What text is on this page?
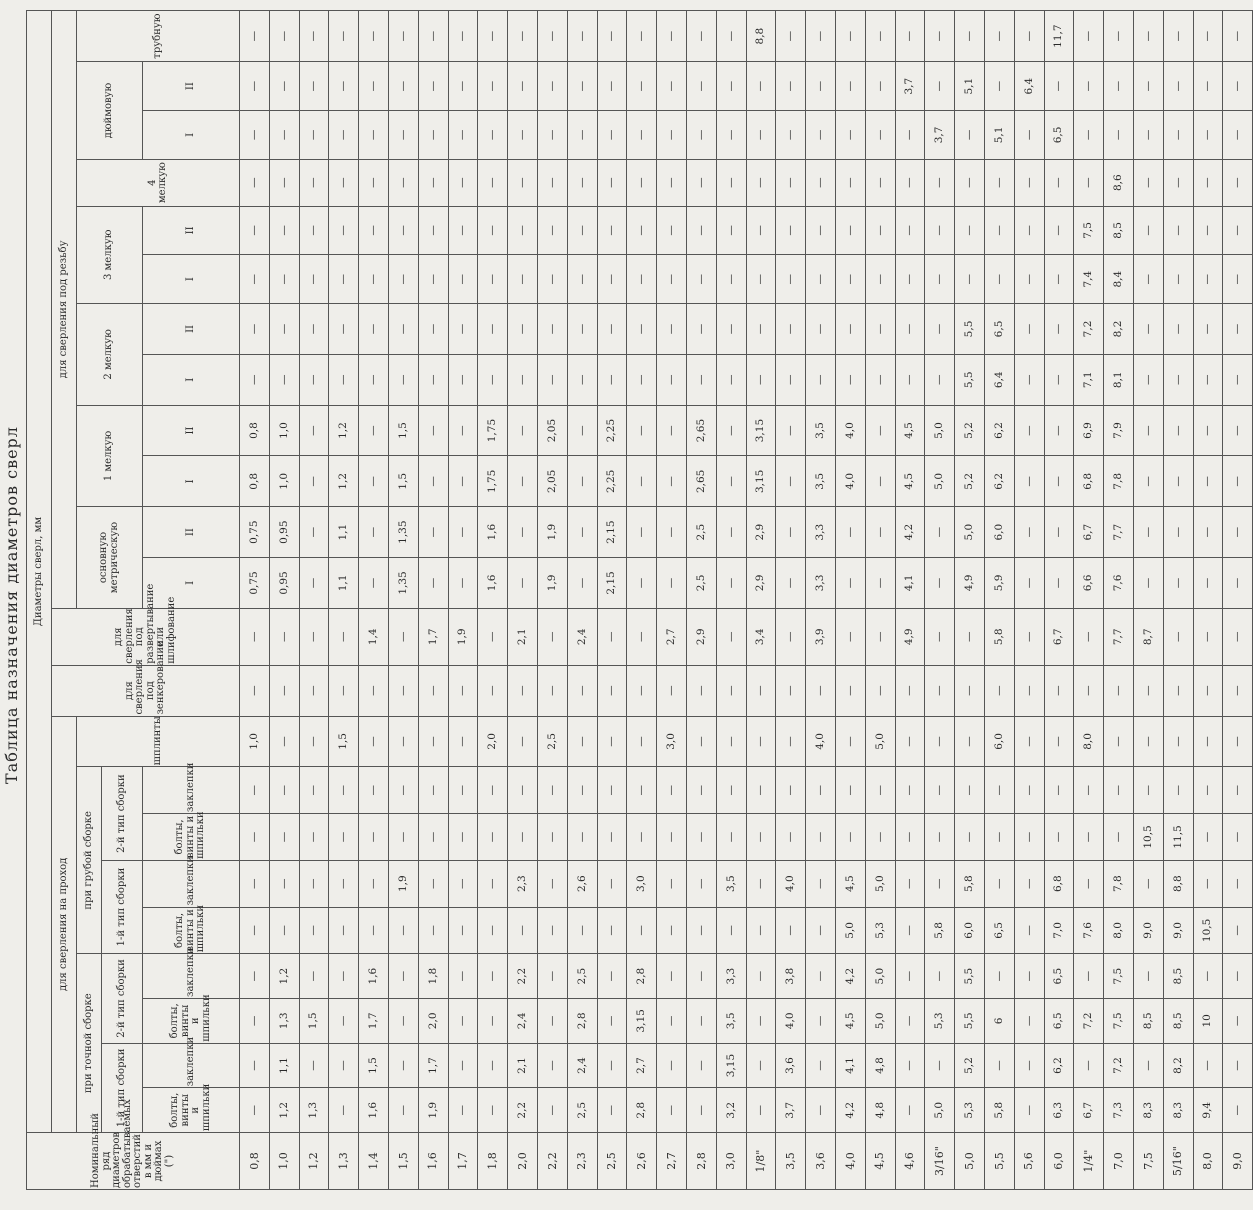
Таблица назначения диаметров сверл
Номинальный ряд диаметров обрабатываемых отверстий в мм и дюймах (")	Диаметры сверл, мм																						
	для сверления на проход									для сверления под зенкерование	для сверления под развертывание или шлифование	для сверления под резьбу											
	при точной сборке				при грубой сборке				шплинты			основную метрическую		1 мелкую		2 мелкую		3 мелкую		4 мелкую	дюймовую		трубную
	1-й тип сборки		2-й тип сборки		1-й тип сборки		2-й тип сборки																
	болты, винты и шпильки	заклепки	болты, винты и шпильки	заклепки	болты, винты и шпильки	заклепки	болты, винты и шпильки	заклепки				I	II	I	II	I	II	I	II		I	II	
0,8	—	—	—	—	—	—	—	—	1,0	—	—	0,75	0,75	0,8	0,8	—	—	—	—	—	—	—	—
1,0	1,2	1,1	1,3	1,2	—	—	—	—	—	—	—	0,95	0,95	1,0	1,0	—	—	—	—	—	—	—	—
1,2	1,3	—	1,5	—	—	—	—	—	—	—	—	—	—	—	—	—	—	—	—	—	—	—	—
1,3	—	—	—	—	—	—	—	—	1,5	—	—	1,1	1,1	1,2	1,2	—	—	—	—	—	—	—	—
1,4	1,6	1,5	1,7	1,6	—	—	—	—	—	—	1,4	—	—	—	—	—	—	—	—	—	—	—	—
1,5	—	—	—	—	—	1,9	—	—	—	—	—	1,35	1,35	1,5	1,5	—	—	—	—	—	—	—	—
1,6	1,9	1,7	2,0	1,8	—	—	—	—	—	—	1,7	—	—	—	—	—	—	—	—	—	—	—	—
1,7	—	—	—	—	—	—	—	—	—	—	1,9	—	—	—	—	—	—	—	—	—	—	—	—
1,8	—	—	—	—	—	—	—	—	2,0	—	—	1,6	1,6	1,75	1,75	—	—	—	—	—	—	—	—
2,0	2,2	2,1	2,4	2,2	—	2,3	—	—	—	—	2,1	—	—	—	—	—	—	—	—	—	—	—	—
2,2	—	—	—	—	—	—	—	—	2,5	—	—	1,9	1,9	2,05	2,05	—	—	—	—	—	—	—	—
2,3	2,5	2,4	2,8	2,5	—	2,6	—	—	—	—	2,4	—	—	—	—	—	—	—	—	—	—	—	—
2,5	—	—	—	—	—	—	—	—	—	—	—	2,15	2,15	2,25	2,25	—	—	—	—	—	—	—	—
2,6	2,8	2,7	3,15	2,8	—	3,0	—	—	—	—	—	—	—	—	—	—	—	—	—	—	—	—	—
2,7	—	—	—	—	—	—	—	—	3,0	—	2,7	—	—	—	—	—	—	—	—	—	—	—	—
2,8	—	—	—	—	—	—	—	—	—	—	2,9	2,5	2,5	2,65	2,65	—	—	—	—	—	—	—	—
3,0	3,2	3,15	3,5	3,3	—	3,5	—	—	—	—	—	—	—	—	—	—	—	—	—	—	—	—	—
1/8"	—	—	—	—	—	—	—	—	—	—	3,4	2,9	2,9	3,15	3,15	—	—	—	—	—	—	—	8,8
3,5	3,7	3,6	4,0	3,8	—	4,0	—	—	—	—	—	—	—	—	—	—	—	—	—	—	—	—	—
3,6	—	—	—	—	—	—	—	—	4,0	—	3,9	3,3	3,3	3,5	3,5	—	—	—	—	—	—	—	—
4,0	4,2	4,1	4,5	4,2	5,0	4,5	—	—	—	—	—	—	—	4,0	4,0	—	—	—	—	—	—	—	—
4,5	4,8	4,8	5,0	5,0	5,3	5,0	—	—	5,0	—	—	—	—	—	—	—	—	—	—	—	—	—	—
4,6	—	—	—	—	—	—	—	—	—	—	4,9	4,1	4,2	4,5	4,5	—	—	—	—	—	—	3,7	—
3/16"	5,0	—	5,3	—	5,8	—	—	—	—	—	—	—	—	5,0	5,0	—	—	—	—	—	3,7	—	—
5,0	5,3	5,2	5,5	5,5	6,0	5,8	—	—	—	—	—	4,9	5,0	5,2	5,2	5,5	5,5	—	—	—	—	5,1	—
5,5	5,8	—	6	—	6,5	—	—	—	6,0	—	5,8	5,9	6,0	6,2	6,2	6,4	6,5	—	—	—	5,1	—	—
5,6	—	—	—	—	—	—	—	—	—	—	—	—	—	—	—	—	—	—	—	—	—	6,4	—
6,0	6,3	6,2	6,5	6,5	7,0	6,8	—	—	—	—	6,7	—	—	—	—	—	—	—	—	—	6,5	—	11,7
1/4"	6,7	—	7,2	—	7,6	—	—	—	8,0	—	—	6,6	6,7	6,8	6,9	7,1	7,2	7,4	7,5	—	—	—	—
7,0	7,3	7,2	7,5	7,5	8,0	7,8	—	—	—	—	7,7	7,6	7,7	7,8	7,9	8,1	8,2	8,4	8,5	8,6	—	—	—
7,5	8,3	—	8,5	—	9,0	—	10,5	—	—	—	8,7	—	—	—	—	—	—	—	—	—	—	—	—
5/16"	8,3	8,2	8,5	8,5	9,0	8,8	11,5	—	—	—	—	—	—	—	—	—	—	—	—	—	—	—	—
8,0	9,4	—	10	—	10,5	—	—	—	—	—	—	—	—	—	—	—	—	—	—	—	—	—	—
9,0	—	—	—	—	—	—	—	—	—	—	—	—	—	—	—	—	—	—	—	—	—	—	—
